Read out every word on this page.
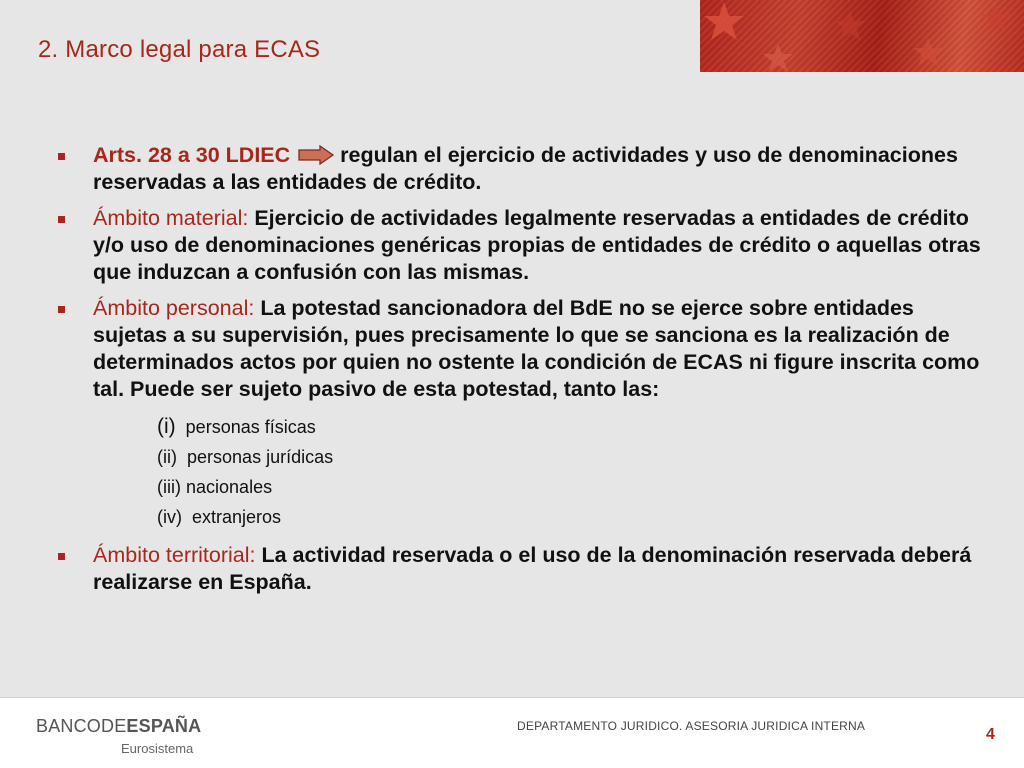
2. Marco legal para ECAS
Arts. 28 a 30 LDIEC regulan el ejercicio de actividades y uso de denominaciones reservadas a las entidades de crédito.
Ámbito material: Ejercicio de actividades legalmente reservadas a entidades de crédito y/o uso de denominaciones genéricas propias de entidades de crédito o aquellas otras que induzcan a confusión con las mismas.
Ámbito personal: La potestad sancionadora del BdE no se ejerce sobre entidades sujetas a su supervisión, pues precisamente lo que se sanciona es la realización de determinados actos por quien no ostente la condición de ECAS ni figure inscrita como tal. Puede ser sujeto pasivo de esta potestad, tanto las:
(i) personas físicas
(ii) personas jurídicas
(iii) nacionales
(iv) extranjeros
Ámbito territorial: La actividad reservada o el uso de la denominación reservada deberá realizarse en España.
BANCODEESPAÑA
Eurosistema
DEPARTAMENTO JURIDICO. ASESORIA JURIDICA INTERNA	4
